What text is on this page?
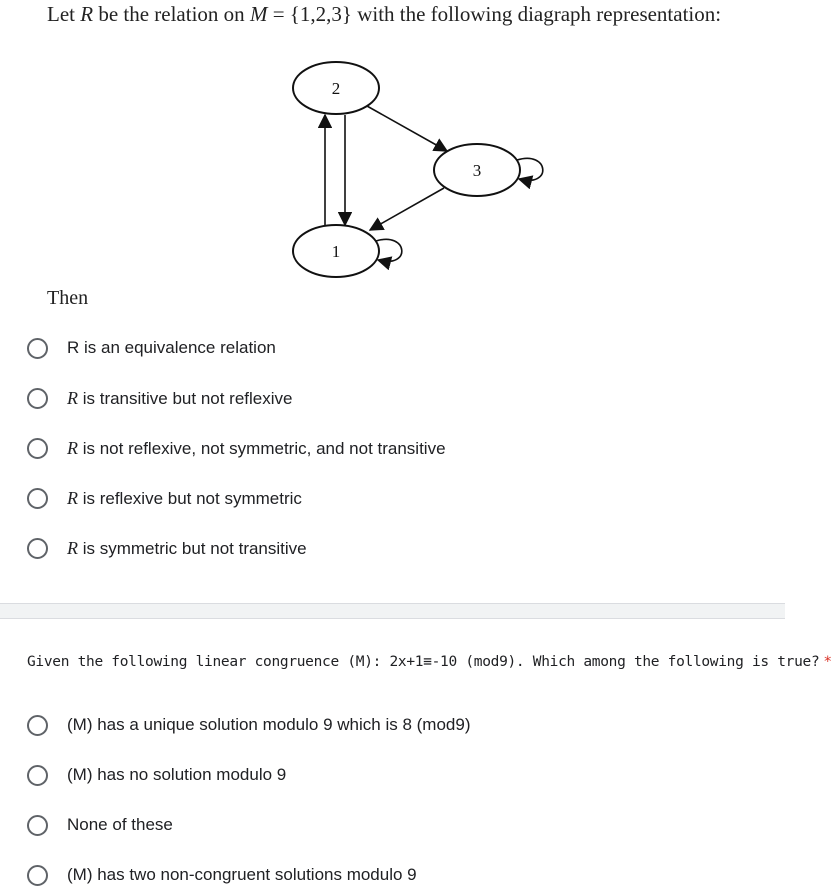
Let R be the relation on M = {1,2,3} with the following diagraph representation:
2
3
1
Then
R is an equivalence relation
R is transitive but not reflexive
R is not reflexive, not symmetric, and not transitive
R is reflexive but not symmetric
R is symmetric but not transitive
Given the following linear congruence (M): 2x+1≡-10 (mod9). Which among the following is true? *
(M) has a unique solution modulo 9 which is 8 (mod9)
(M) has no solution modulo 9
None of these
(M) has two non-congruent solutions modulo 9
